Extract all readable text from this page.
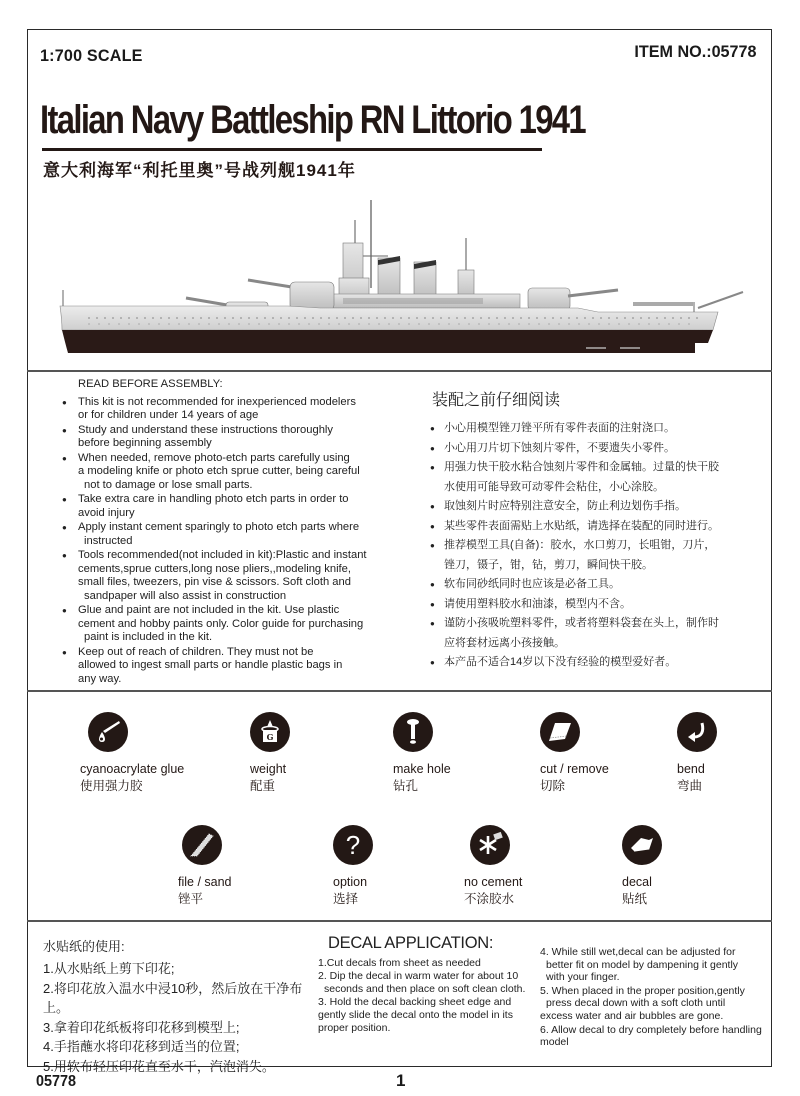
1:700 SCALE	ITEM NO.:05778
Italian Navy Battleship RN Littorio 1941
意大利海军“利托里奥”号战列舰1941年
READ BEFORE ASSEMBLY:
● This kit is not recommended for inexperienced modelers
or for children under 14 years of age
● Study and understand these instructions thoroughly
before beginning assembly
● When needed, remove photo-etch parts carefully using
a modeling knife or photo etch sprue cutter, being careful
not to damage or lose small parts.
● Take extra care in handling photo etch parts in order to
avoid injury
● Apply instant cement sparingly to photo etch parts where
instructed
● Tools recommended(not included in kit):Plastic and instant
cements,sprue cutters,long nose pliers,,modeling knife,
small files, tweezers, pin vise & scissors. Soft cloth and
sandpaper will also assist in construction
● Glue and paint are not included in the kit. Use plastic
cement and hobby paints only. Color guide for purchasing
paint is included in the kit.
● Keep out of reach of children. They must not be
allowed to ingest small parts or handle plastic bags in
any way.
装配之前仔细阅读
● 小心用模型锉刀锉平所有零件表面的注射浇口。
● 小心用刀片切下蚀刻片零件，不要遗失小零件。
● 用强力快干胶水粘合蚀刻片零件和金属轴。过量的快干胶
水使用可能导致可动零件会粘住，小心涂胶。
● 取蚀刻片时应特别注意安全，防止利边划伤手指。
● 某些零件表面需贴上水贴纸，请选择在装配的同时进行。
● 推荐模型工具(自备)：胶水，水口剪刀，长咀钳，刀片，
锉刀，镊子，钳，钻，剪刀，瞬间快干胶。
● 软布同砂纸同时也应该是必备工具。
● 请使用塑料胶水和油漆，模型内不含。
● 谨防小孩吸吮塑料零件，或者将塑料袋套在头上，制作时
应将套材远离小孩接触。
● 本产品不适合14岁以下没有经验的模型爱好者。
cyanoacrylate glue
使用强力胶
G
weight
配重
make hole
钻孔
cut / remove
切除
bend
弯曲
file / sand
锉平
?
option
选择
no cement
不涂胶水
decal
贴纸
水贴纸的使用:
1.从水贴纸上剪下印花;
2.将印花放入温水中浸10秒，然后放在干净布上。
3.拿着印花纸板将印花移到模型上;
4.手指蘸水将印花移到适当的位置;
5.用软布轻压印花直至水干，汽泡消失。
DECAL APPLICATION:
1.Cut decals from sheet as needed
2. Dip the decal in warm water for about 10
seconds and then place on soft clean cloth.
3. Hold the decal backing sheet edge and
gently slide the decal onto the model in its
proper position.
4. While still wet,decal can be adjusted for
better fit on model by dampening it gently
with your finger.
5. When placed in the proper position,gently
press decal down with a soft cloth until
excess water and air bubbles are gone.
6. Allow decal to dry completely before handling
model
05778	1
